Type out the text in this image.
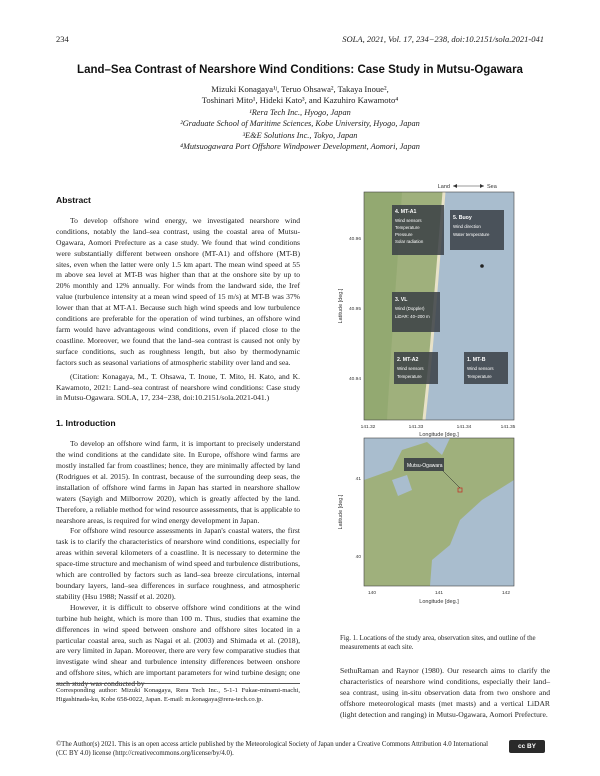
234	SOLA, 2021, Vol. 17, 234−238, doi:10.2151/sola.2021-041
Land–Sea Contrast of Nearshore Wind Conditions: Case Study in Mutsu-Ogawara
Mizuki Konagaya¹ʲ, Teruo Ohsawa², Takaya Inoue²,
Toshinari Mito¹, Hideki Kato³, and Kazuhiro Kawamoto⁴
¹Rera Tech Inc., Hyogo, Japan
²Graduate School of Maritime Sciences, Kobe University, Hyogo, Japan
³E&E Solutions Inc., Tokyo, Japan
⁴Mutsuogawara Port Offshore Windpower Development, Aomori, Japan
Abstract

To develop offshore wind energy, we investigated nearshore wind conditions, notably the land–sea contrast, using the coastal area of Mutsu-Ogawara, Aomori Prefecture as a case study. We found that wind conditions were substantially different between onshore (MT-A1) and offshore (MT-B) sites, even when the latter were only 1.5 km apart. The mean wind speed at 55 m above sea level at MT-B was higher than that at the onshore site by up to 20% monthly and 12% annually. For winds from the landward side, the Iref value (turbulence intensity at a mean wind speed of 15 m/s) at MT-B was 37% lower than that at MT-A1. Because such high wind speeds and low turbulence conditions are preferable for the operation of wind turbines, an offshore wind farm would have advantageous wind conditions, even if placed close to the coastline. Moreover, we found that the land–sea contrast is caused not only by surface conditions, such as roughness length, but also by thermodynamic factors such as seasonal variations of atmospheric stability over land and sea.

(Citation: Konagaya, M., T. Ohsawa, T. Inoue, T. Mito, H. Kato, and K. Kawamoto, 2021: Land–sea contrast of nearshore wind conditions: Case study in Mutsu-Ogawara. SOLA, 17, 234−238, doi:10.2151/sola.2021-041.)

1. Introduction

To develop an offshore wind farm, it is important to precisely understand the wind conditions at the candidate site. In Europe, offshore wind farms are mostly installed far from coastlines; hence, they are minimally affected by land (Rodrigues et al. 2015). In contrast, because of the surrounding deep seas, the installation of offshore wind farms in Japan has started in nearshore shallow waters (Sayigh and Milborrow 2020), which is greatly affected by the land. Therefore, a reliable method for wind resource assessments, that is applicable to nearshore areas, is required for wind energy development in Japan.

For offshore wind resource assessments in Japan's coastal waters, the first task is to clarify the characteristics of nearshore wind conditions, especially for areas within several kilometers of a coastline. It is necessary to determine the space-time structure and mechanism of wind speed and turbulence distributions, which are controlled by factors such as land–sea breeze circulations, internal boundary layers, land–sea differences in surface roughness, and atmospheric stability (Hsu 1988; Nassif et al. 2020).

However, it is difficult to observe offshore wind conditions at the wind turbine hub height, which is more than 100 m. Thus, studies that examine the differences in wind speed between onshore and offshore sites located in a particular coastal area, such as Nagai et al. (2003) and Shimada et al. (2018), are very limited in Japan. Moreover, there are very few comparative studies that investigate wind shear and turbulence intensity differences between onshore and offshore sites, which are important parameters for wind turbine design; one such study was conducted by

Corresponding author: Mizuki Konagaya, Rera Tech Inc., 5-1-1 Fukae-minami-machi, Higashinada-ku, Kobe 658-0022, Japan. E-mail: m.konagaya@rera-tech.co.jp.
©The Author(s) 2021. This is an open access article published by the Meteorological Society of Japan under a Creative Commons Attribution 4.0 International (CC BY 4.0) license (http://creativecommons.org/license/by/4.0).
cc BY
Land	Sea
4. MT-A1
Wind sensors
Temperature
Pressure
Solar radiation
5. Buoy
Wind direction
Water temperature
3. VL
Wind (Doppler)
LiDAR: 40–200 m
2. MT-A2
Wind sensors
Temperature
1. MT-B
Wind sensors
Temperature
40.96
40.95
40.94
141.32	141.33	141.34	141.35
Longitude [deg.]
Latitude [deg.]
Mutsu-Ogawara
41
40
140	141	142
Longitude [deg.]
Latitude [deg.]
Fig. 1. Locations of the study area, observation sites, and outline of the measurements at each site.

SethuRaman and Raynor (1980). Our research aims to clarify the characteristics of nearshore wind conditions, especially their land–sea contrast, using in-situ observation data from two onshore and offshore meteorological masts (met masts) and a vertical LiDAR (light detection and ranging) in Mutsu-Ogawara, Aomori Prefecture.
